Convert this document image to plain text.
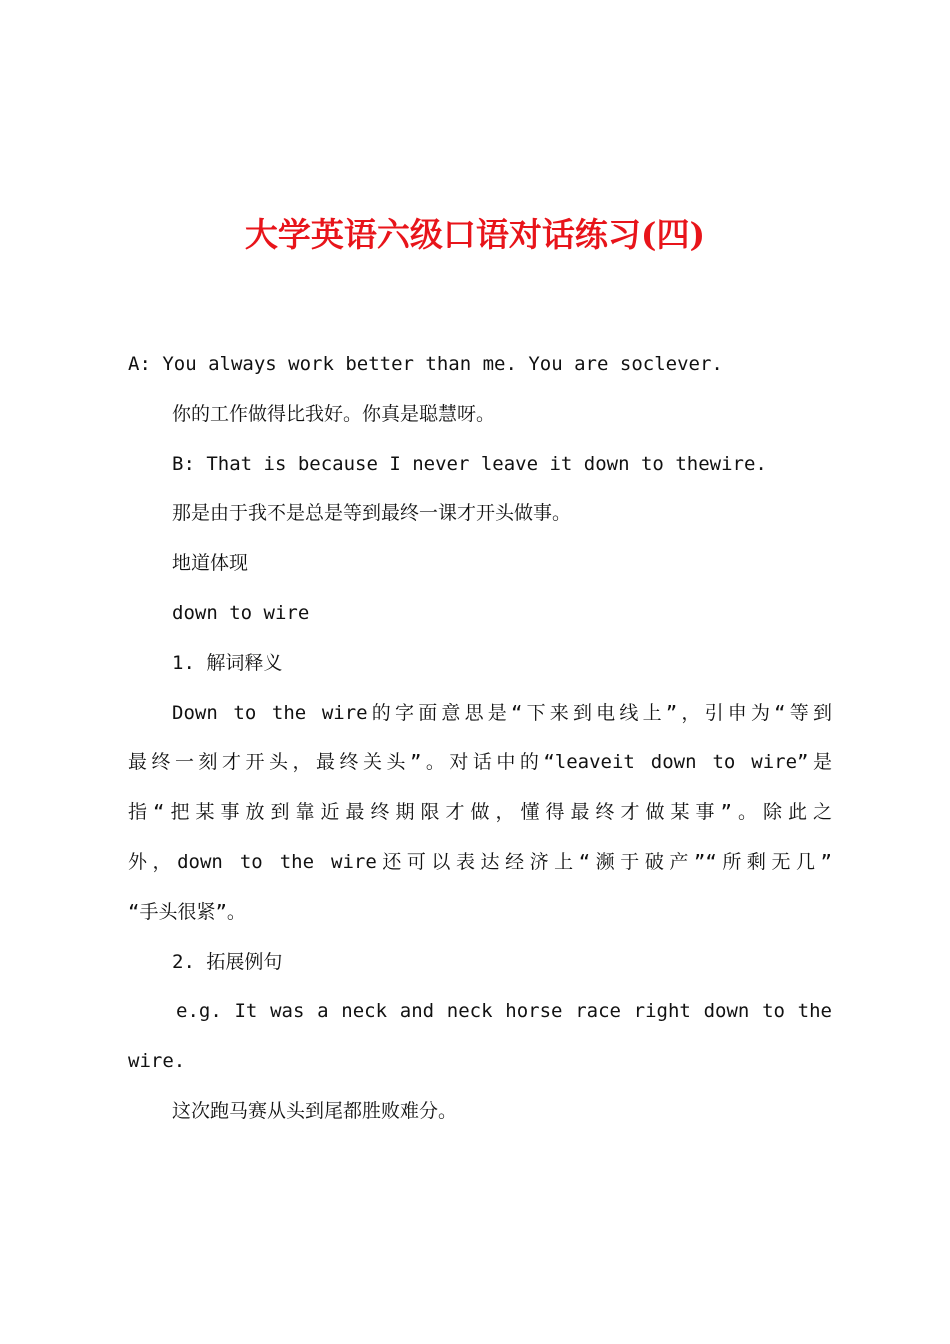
大学英语六级口语对话练习(四)
A: You always work better than me. You are soclever.
你的工作做得比我好。你真是聪慧呀。
B: That is because I never leave it down to thewire.
那是由于我不是总是等到最终一课才开头做事。
地道体现
down to wire
1. 解词释义
Down to the wire的字面意思是“下来到电线上”，引申为“等到
最终一刻才开头，最终关头”。对话中的“leaveit down to wire”是
指“把某事放到靠近最终期限才做，懂得最终才做某事”。除此之
外，down to the wire还可以表达经济上“濒于破产”“所剩无几”
“手头很紧”。
2. 拓展例句
e.g. It was a neck and neck horse race right down to the
wire.
这次跑马赛从头到尾都胜败难分。
